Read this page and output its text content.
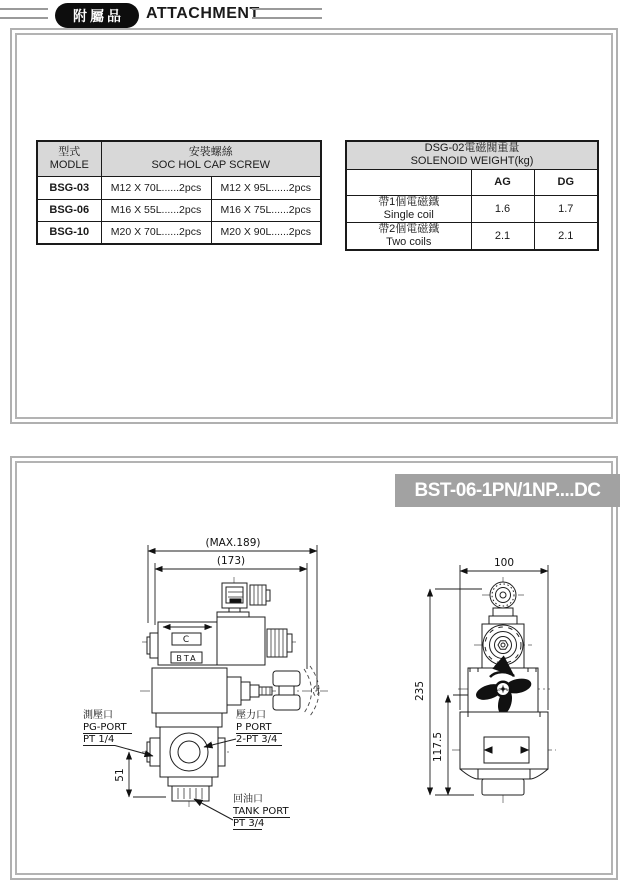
附屬品	ATTACHMENT
型式
MODLE

安裝螺絲
SOC HOL CAP SCREW

BSG-03	M12 X 70L......2pcs	M12 X 95L......2pcs
BSG-06	M16 X 55L......2pcs	M16 X 75L......2pcs
BSG-10	M20 X 70L......2pcs	M20 X 90L......2pcs
DSG-02電磁閥重量
SOLENOID WEIGHT(kg)		

	AG	DG

帶1個電磁鐵
Single coil	1.6	1.7

帶2個電磁鐵
Two coils	2.1	2.1
BST-06-1PN/1NP....DC
(MAX.189)
(173)
C
BTA
51
測壓口
PG-PORT
PT 1/4
壓力口
P PORT
2-PT 3/4
回油口
TANK PORT
PT 3/4
100
235
117.5
NC NO
